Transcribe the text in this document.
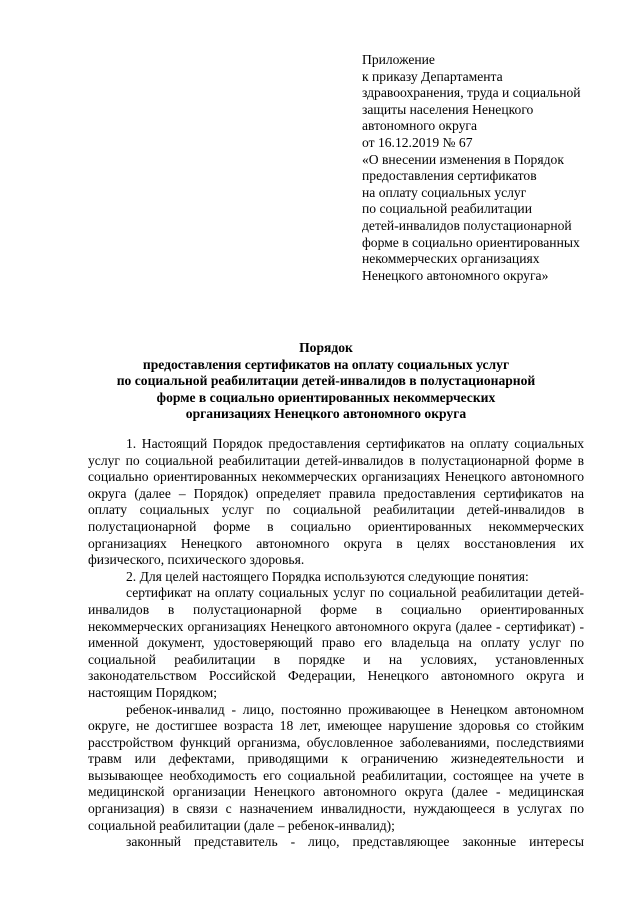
Приложение
к приказу Департамента
здравоохранения, труда и социальной
защиты населения Ненецкого
автономного округа
от 16.12.2019 № 67
«О внесении изменения в Порядок
предоставления сертификатов
на оплату социальных услуг
по социальной реабилитации
детей-инвалидов полустационарной
форме в социально ориентированных
некоммерческих организациях
Ненецкого автономного округа»
Порядок
предоставления сертификатов на оплату социальных услуг
по социальной реабилитации детей-инвалидов в полустационарной
форме в социально ориентированных некоммерческих
организациях Ненецкого автономного округа
1. Настоящий Порядок предоставления сертификатов на оплату социальных услуг по социальной реабилитации детей-инвалидов в полустационарной форме в социально ориентированных некоммерческих организациях Ненецкого автономного округа (далее – Порядок) определяет правила предоставления сертификатов на оплату социальных услуг по социальной реабилитации детей-инвалидов в полустационарной форме в социально ориентированных некоммерческих организациях Ненецкого автономного округа в целях восстановления их физического, психического здоровья.
2. Для целей настоящего Порядка используются следующие понятия:
сертификат на оплату социальных услуг по социальной реабилитации детей-инвалидов в полустационарной форме в социально ориентированных некоммерческих организациях Ненецкого автономного округа (далее - сертификат) - именной документ, удостоверяющий право его владельца на оплату услуг по социальной реабилитации в порядке и на условиях, установленных законодательством Российской Федерации, Ненецкого автономного округа и настоящим Порядком;
ребенок-инвалид - лицо, постоянно проживающее в Ненецком автономном округе, не достигшее возраста 18 лет, имеющее нарушение здоровья со стойким расстройством функций организма, обусловленное заболеваниями, последствиями травм или дефектами, приводящими к ограничению жизнедеятельности и вызывающее необходимость его социальной реабилитации, состоящее на учете в медицинской организации Ненецкого автономного округа (далее - медицинская организация) в связи с назначением инвалидности, нуждающееся в услугах по социальной реабилитации (дале – ребенок-инвалид);
законный представитель - лицо, представляющее законные интересы
